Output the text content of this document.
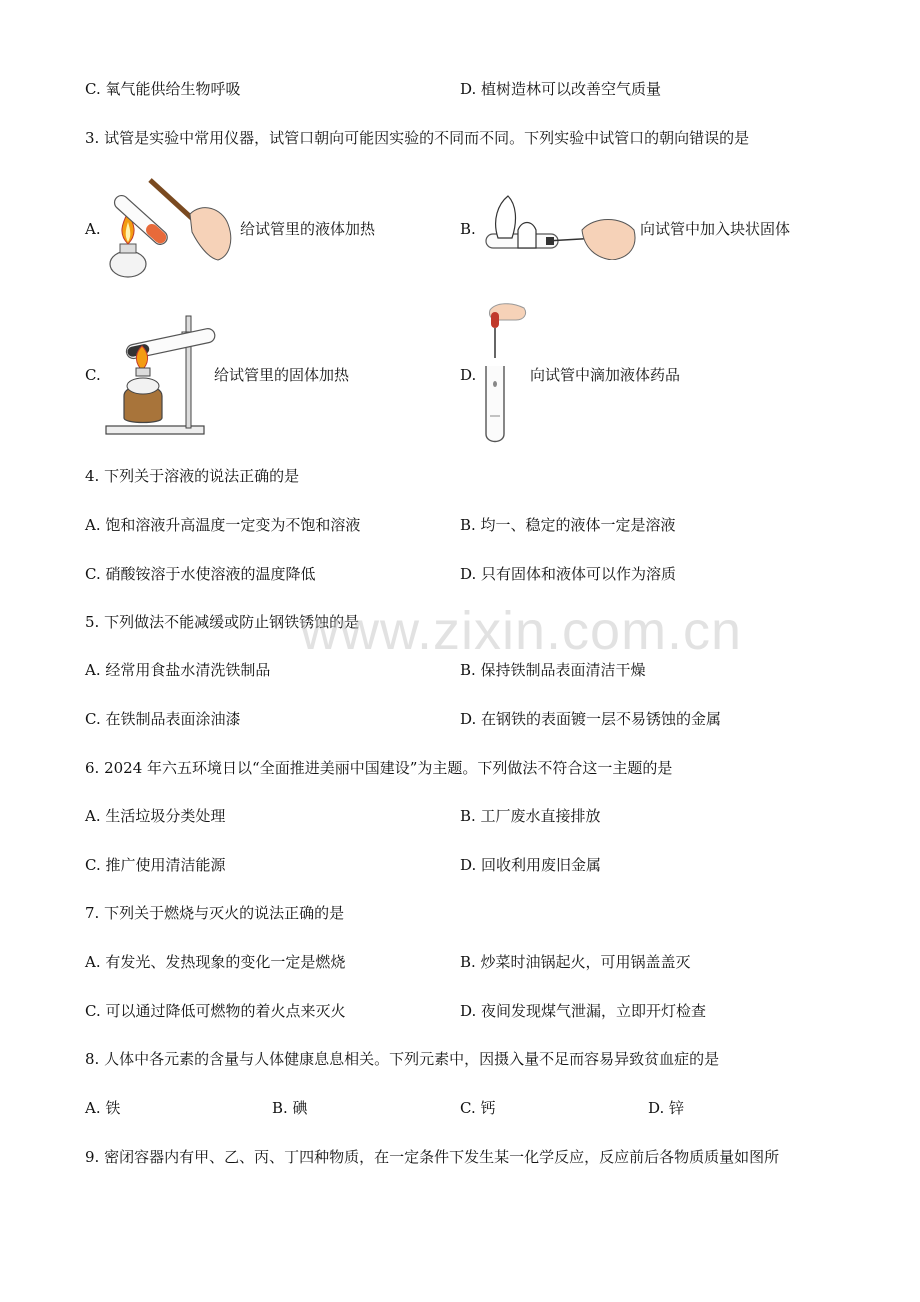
C. 氧气能供给生物呼吸	D. 植树造林可以改善空气质量
3. 试管是实验中常用仪器，试管口朝向可能因实验的不同而不同。下列实验中试管口的朝向错误的是
A.	给试管里的液体加热	B.	向试管中加入块状固体
C.	给试管里的固体加热	D.	向试管中滴加液体药品
4. 下列关于溶液的说法正确的是
A. 饱和溶液升高温度一定变为不饱和溶液	B. 均一、稳定的液体一定是溶液
C. 硝酸铵溶于水使溶液的温度降低	D. 只有固体和液体可以作为溶质
5. 下列做法不能减缓或防止钢铁锈蚀的是
A. 经常用食盐水清洗铁制品	B. 保持铁制品表面清洁干燥
C. 在铁制品表面涂油漆	D. 在钢铁的表面镀一层不易锈蚀的金属
6. 2024 年六五环境日以“全面推进美丽中国建设”为主题。下列做法不符合这一主题的是
A. 生活垃圾分类处理	B. 工厂废水直接排放
C. 推广使用清洁能源	D. 回收利用废旧金属
7. 下列关于燃烧与灭火的说法正确的是
A. 有发光、发热现象的变化一定是燃烧	B. 炒菜时油锅起火，可用锅盖盖灭
C. 可以通过降低可燃物的着火点来灭火	D. 夜间发现煤气泄漏，立即开灯检查
8. 人体中各元素的含量与人体健康息息相关。下列元素中，因摄入量不足而容易异致贫血症的是
A. 铁	B. 碘	C. 钙	D. 锌
9. 密闭容器内有甲、乙、丙、丁四种物质，在一定条件下发生某一化学反应，反应前后各物质质量如图所
www.zixin.com.cn
